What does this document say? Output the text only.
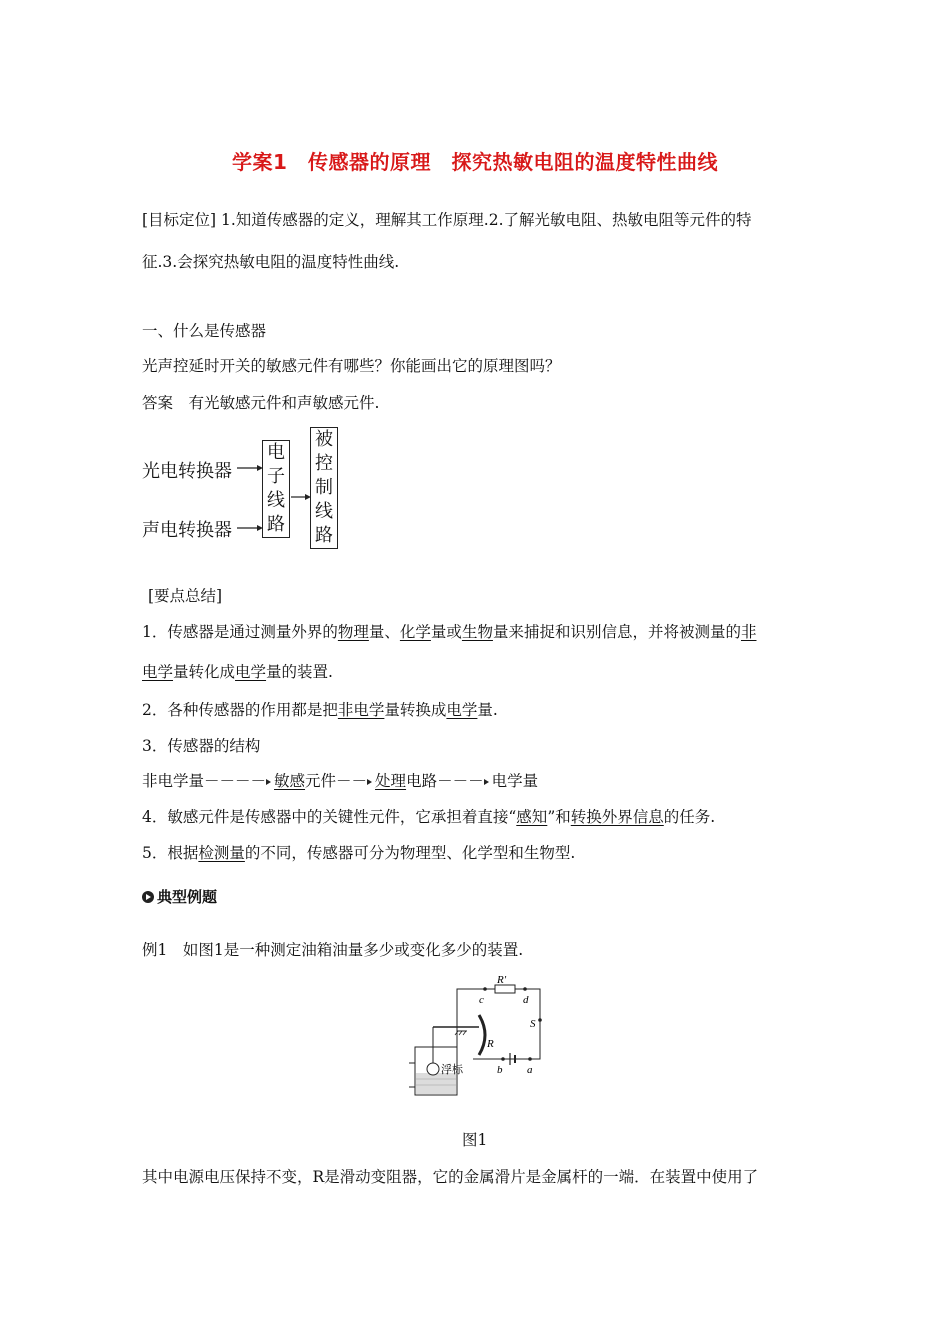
学案1　传感器的原理　探究热敏电阻的温度特性曲线
[目标定位] 1.知道传感器的定义，理解其工作原理.2.了解光敏电阻、热敏电阻等元件的特
征.3.会探究热敏电阻的温度特性曲线.
一、什么是传感器
光声控延时开关的敏感元件有哪些？你能画出它的原理图吗？
答案　有光敏感元件和声敏感元件.
光电转换器
声电转换器
电
子
线
路
被
控
制
线
路
[要点总结]
1．传感器是通过测量外界的物理量、化学量或生物量来捕捉和识别信息，并将被测量的非
电学量转化成电学量的装置.
2．各种传感器的作用都是把非电学量转换成电学量.
3．传感器的结构
非电学量－－－－ 敏感元件－－ 处理电路－－－ 电学量
4．敏感元件是传感器中的关键性元件，它承担着直接“感知”和转换外界信息的任务.
5．根据检测量的不同，传感器可分为物理型、化学型和生物型.
典型例题
例1　如图1是一种测定油箱油量多少或变化多少的装置.
R′
c	d
S
b a
R
浮标
图1
其中电源电压保持不变，R是滑动变阻器，它的金属滑片是金属杆的一端．在装置中使用了
